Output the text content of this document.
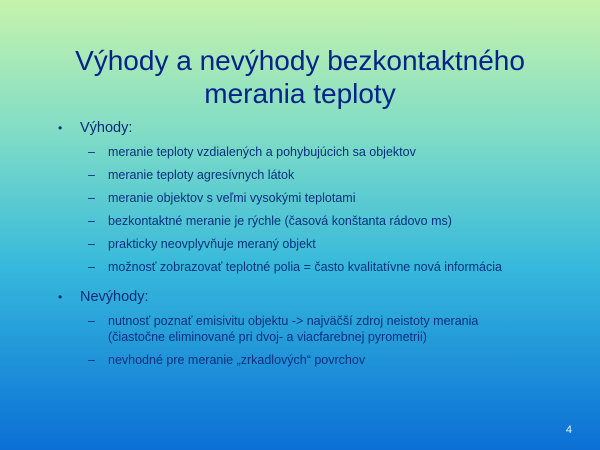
Výhody a nevýhody bezkontaktného
merania teploty
•	Výhody:
–	meranie teploty vzdialených a pohybujúcich sa objektov
–	meranie teploty agresívnych látok
–	meranie objektov s veľmi vysokými teplotami
–	bezkontaktné meranie je rýchle (časová konštanta rádovo ms)
–	prakticky neovplyvňuje meraný objekt
–	možnosť zobrazovať teplotné polia = často kvalitatívne nová informácia
•	Nevýhody:
–	nutnosť poznať emisivitu objektu -> najväčší zdroj neistoty merania (čiastočne eliminované pri dvoj- a viacfarebnej pyrometrii)
–	nevhodné pre meranie „zrkadlových“ povrchov
4
